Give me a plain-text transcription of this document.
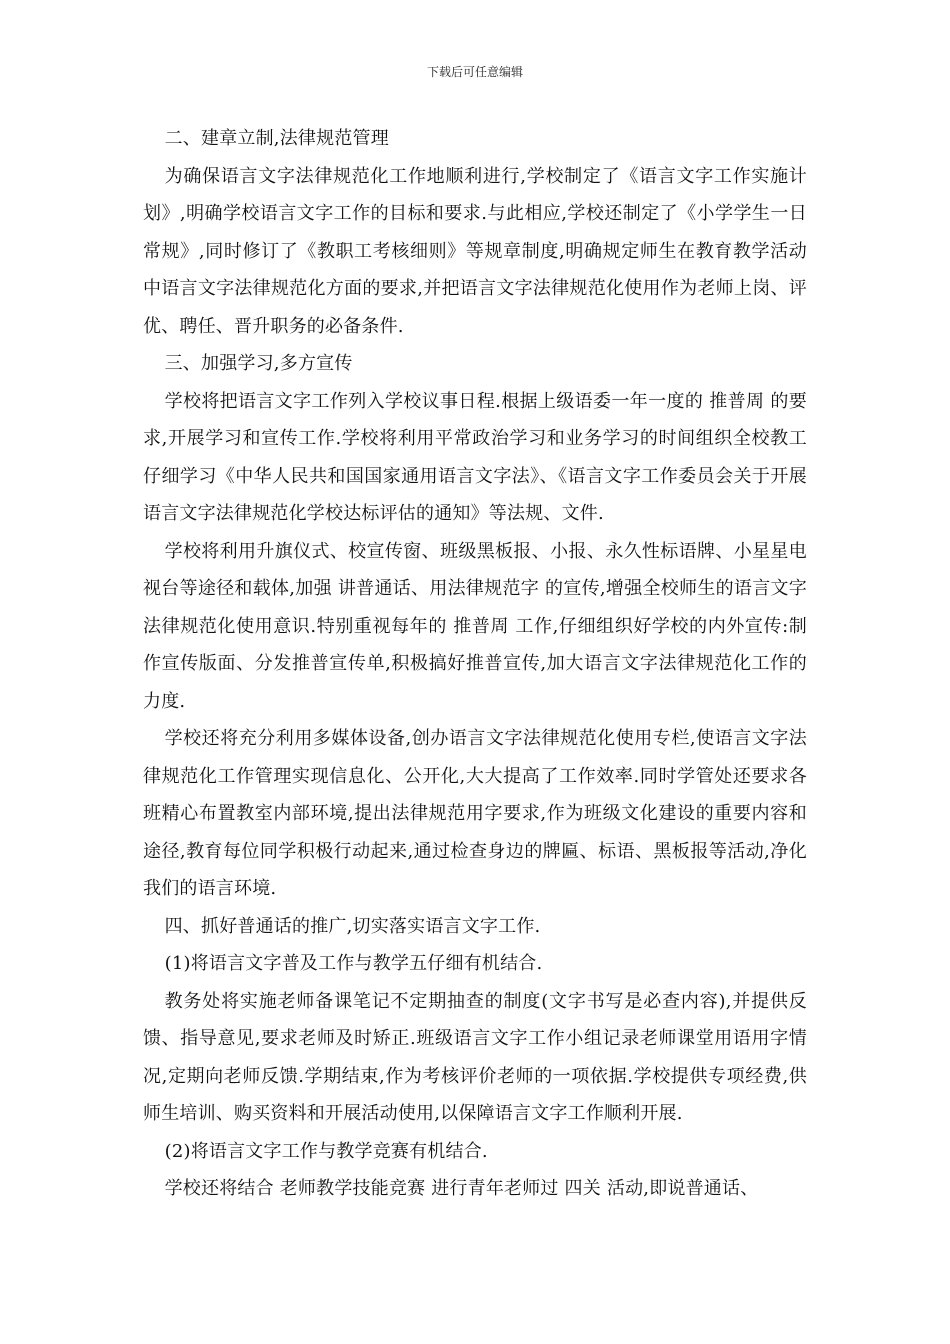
下载后可任意编辑

二、建章立制,法律规范管理

为确保语言文字法律规范化工作地顺利进行,学校制定了《语言文字工作实施计划》,明确学校语言文字工作的目标和要求.与此相应,学校还制定了《小学学生一日常规》,同时修订了《教职工考核细则》等规章制度,明确规定师生在教育教学活动中语言文字法律规范化方面的要求,并把语言文字法律规范化使用作为老师上岗、评优、聘任、晋升职务的必备条件.

三、加强学习,多方宣传

学校将把语言文字工作列入学校议事日程.根据上级语委一年一度的 推普周 的要求,开展学习和宣传工作.学校将利用平常政治学习和业务学习的时间组织全校教工仔细学习《中华人民共和国国家通用语言文字法》、《语言文字工作委员会关于开展语言文字法律规范化学校达标评估的通知》等法规、文件.

学校将利用升旗仪式、校宣传窗、班级黑板报、小报、永久性标语牌、小星星电视台等途径和载体,加强 讲普通话、用法律规范字 的宣传,增强全校师生的语言文字法律规范化使用意识.特别重视每年的 推普周 工作,仔细组织好学校的内外宣传:制作宣传版面、分发推普宣传单,积极搞好推普宣传,加大语言文字法律规范化工作的力度.

学校还将充分利用多媒体设备,创办语言文字法律规范化使用专栏,使语言文字法律规范化工作管理实现信息化、公开化,大大提高了工作效率.同时学管处还要求各班精心布置教室内部环境,提出法律规范用字要求,作为班级文化建设的重要内容和途径,教育每位同学积极行动起来,通过检查身边的牌匾、标语、黑板报等活动,净化我们的语言环境.

四、抓好普通话的推广,切实落实语言文字工作.

(1)将语言文字普及工作与教学五仔细有机结合.

教务处将实施老师备课笔记不定期抽查的制度(文字书写是必查内容),并提供反馈、指导意见,要求老师及时矫正.班级语言文字工作小组记录老师课堂用语用字情况,定期向老师反馈.学期结束,作为考核评价老师的一项依据.学校提供专项经费,供师生培训、购买资料和开展活动使用,以保障语言文字工作顺利开展.

(2)将语言文字工作与教学竞赛有机结合.

学校还将结合 老师教学技能竞赛 进行青年老师过 四关 活动,即说普通话、
